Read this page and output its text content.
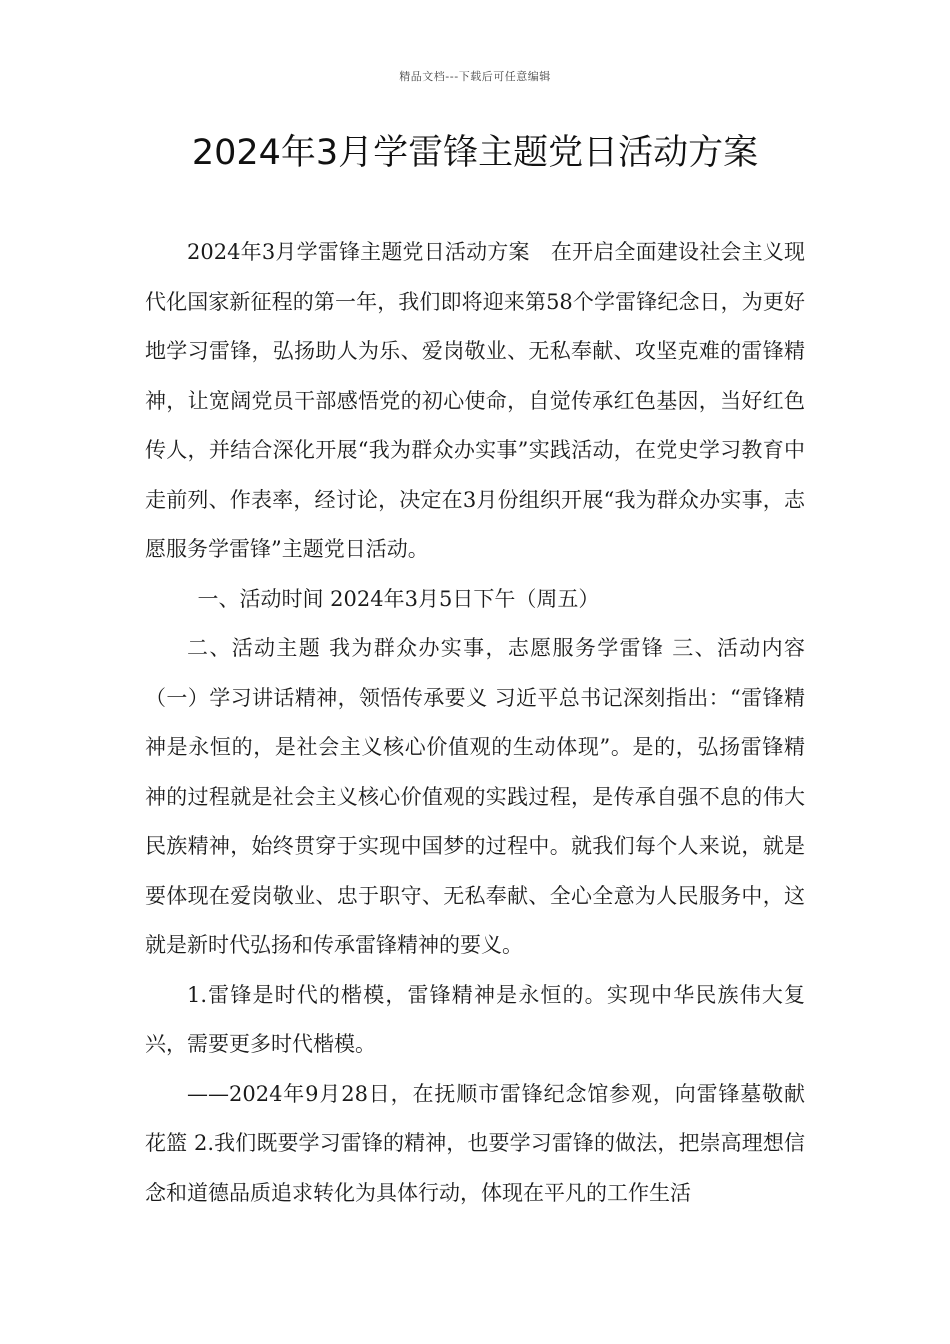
精品文档---下载后可任意编辑
2024年3月学雷锋主题党日活动方案

2024年3月学雷锋主题党日活动方案　在开启全面建设社会主义现代化国家新征程的第一年，我们即将迎来第58个学雷锋纪念日，为更好地学习雷锋，弘扬助人为乐、爱岗敬业、无私奉献、攻坚克难的雷锋精神，让宽阔党员干部感悟党的初心使命，自觉传承红色基因，当好红色传人，并结合深化开展“我为群众办实事”实践活动，在党史学习教育中走前列、作表率，经讨论，决定在3月份组织开展“我为群众办实事，志愿服务学雷锋”主题党日活动。

一、活动时间 2024年3月5日下午（周五）

二、活动主题 我为群众办实事，志愿服务学雷锋 三、活动内容 （一）学习讲话精神，领悟传承要义 习近平总书记深刻指出：“雷锋精神是永恒的，是社会主义核心价值观的生动体现”。是的，弘扬雷锋精神的过程就是社会主义核心价值观的实践过程，是传承自强不息的伟大民族精神，始终贯穿于实现中国梦的过程中。就我们每个人来说，就是要体现在爱岗敬业、忠于职守、无私奉献、全心全意为人民服务中，这就是新时代弘扬和传承雷锋精神的要义。

1.雷锋是时代的楷模，雷锋精神是永恒的。实现中华民族伟大复兴，需要更多时代楷模。

——2024年9月28日，在抚顺市雷锋纪念馆参观，向雷锋墓敬献花篮 2.我们既要学习雷锋的精神，也要学习雷锋的做法，把崇高理想信念和道德品质追求转化为具体行动，体现在平凡的工作生活
